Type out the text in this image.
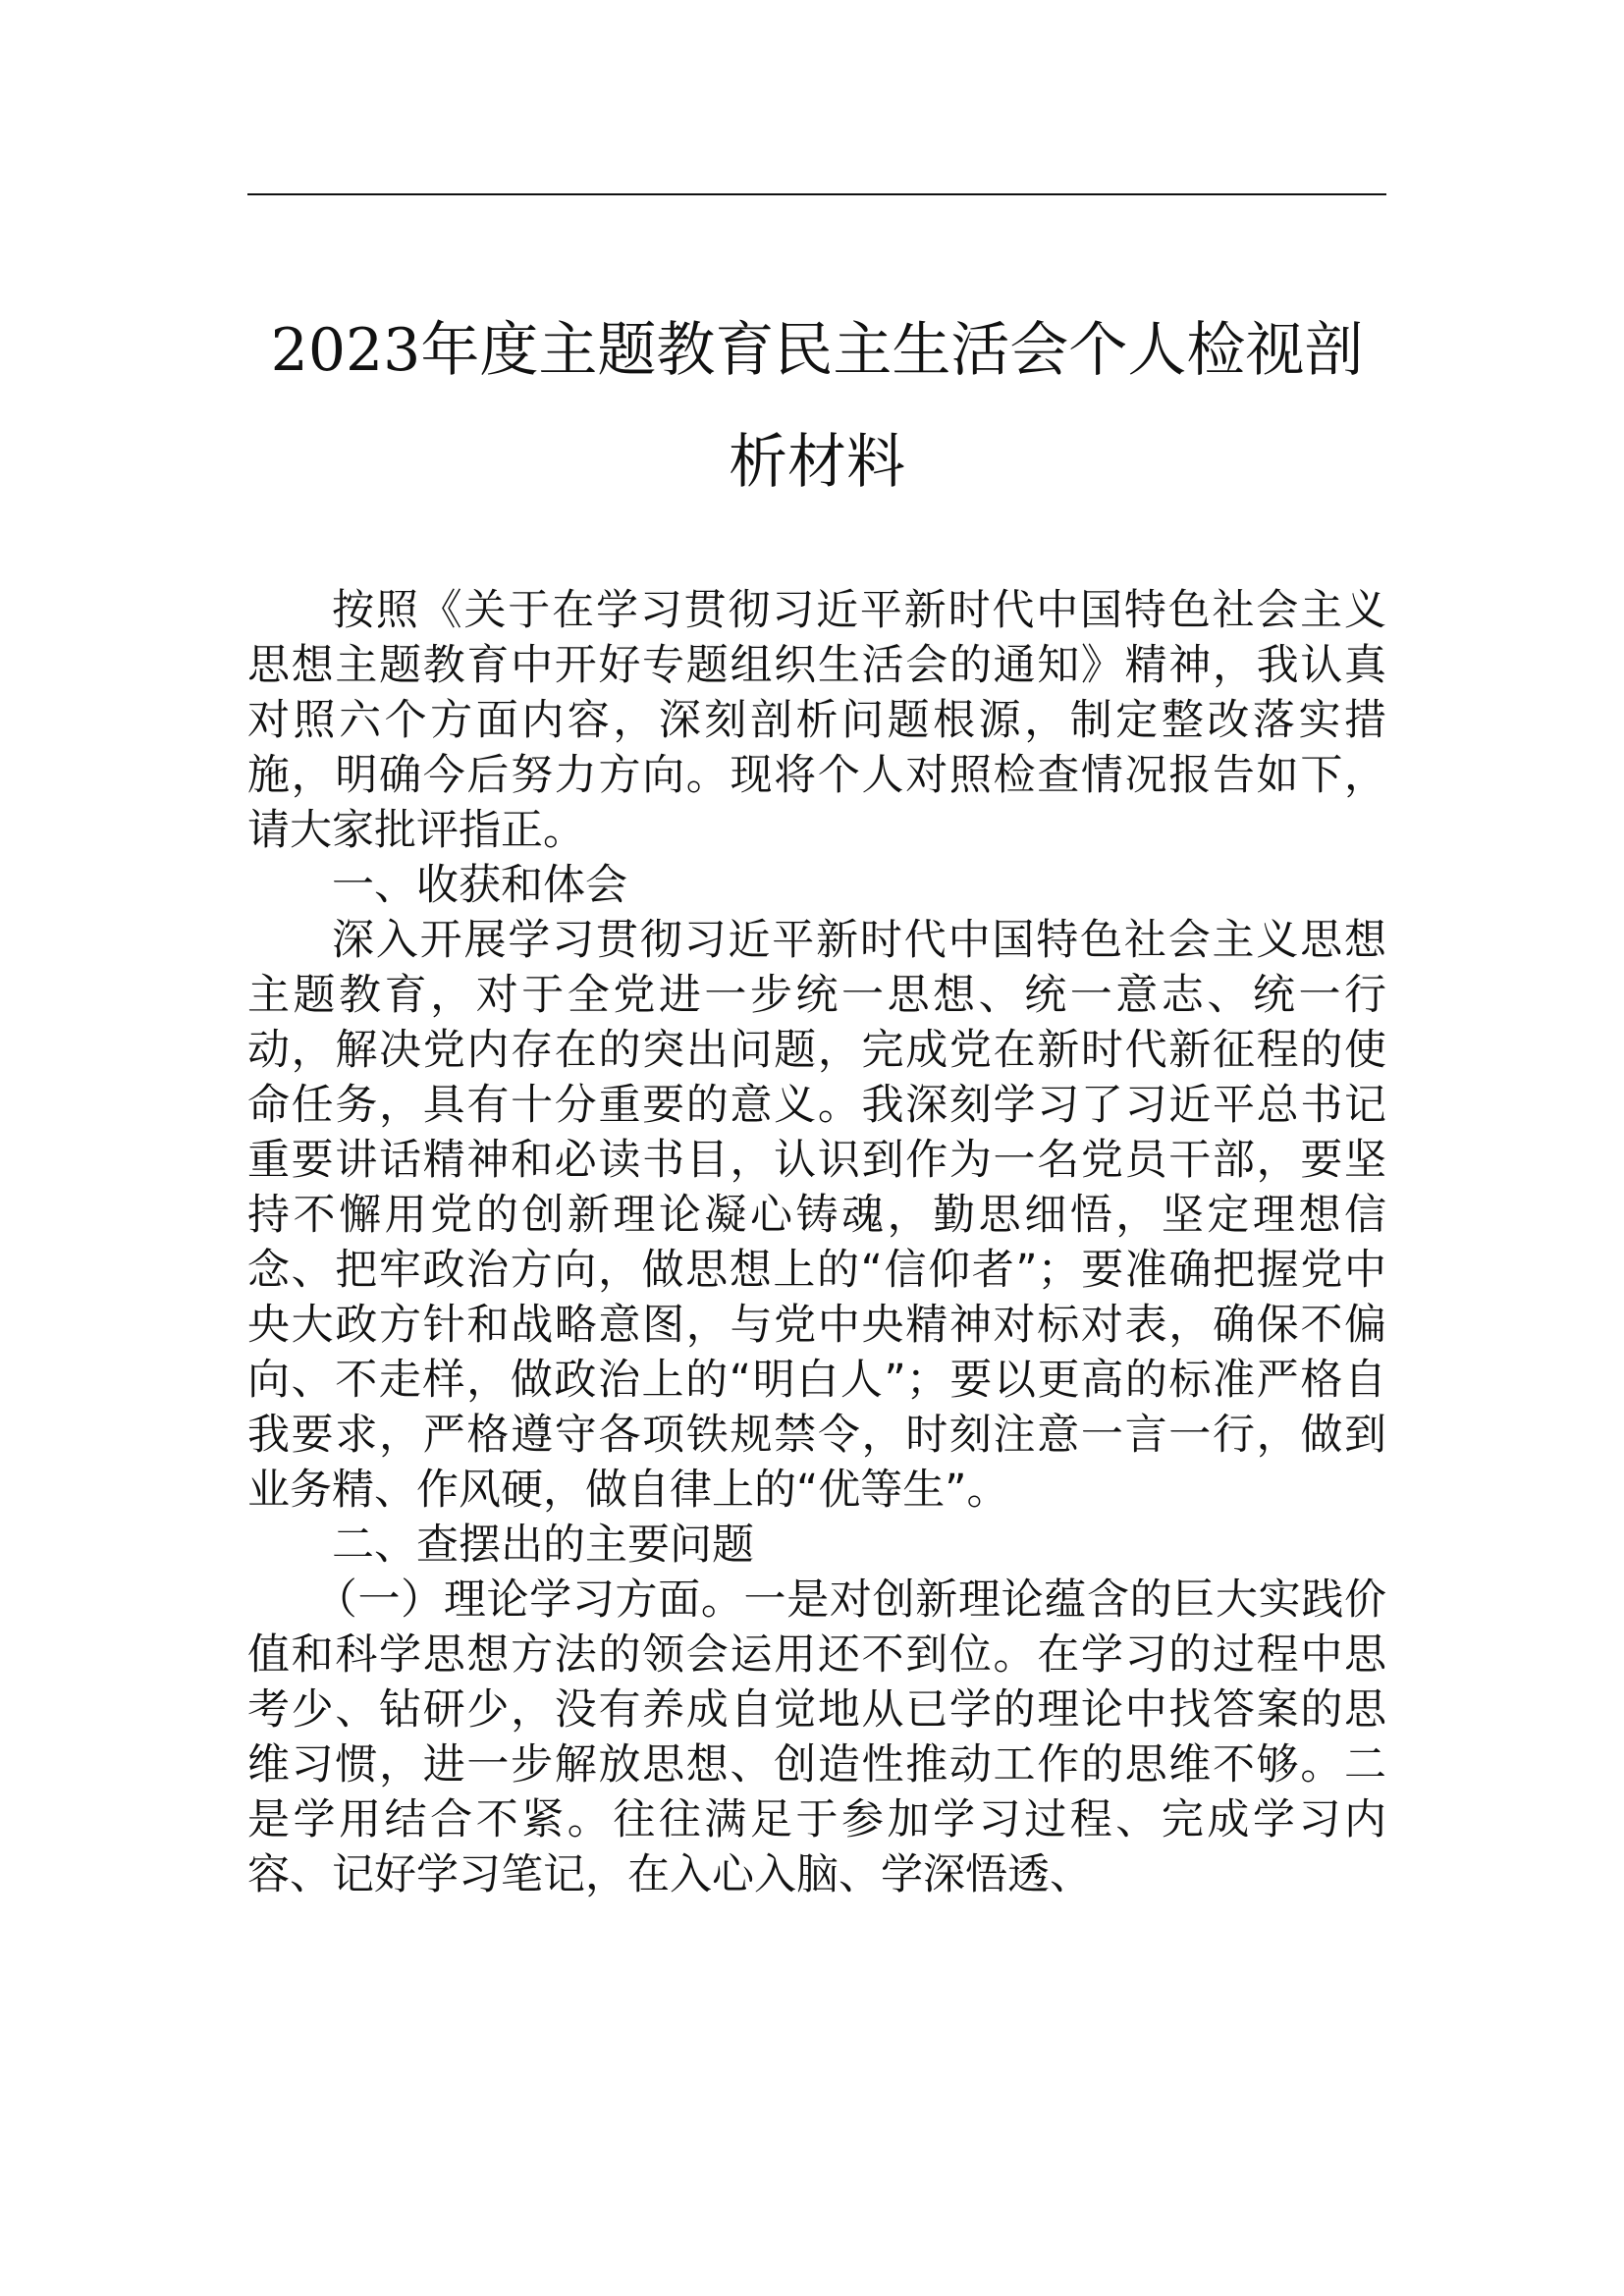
2023年度主题教育民主生活会个人检视剖
析材料

按照《关于在学习贯彻习近平新时代中国特色社会主义思想主题教育中开好专题组织生活会的通知》精神，我认真对照六个方面内容，深刻剖析问题根源，制定整改落实措施，明确今后努力方向。现将个人对照检查情况报告如下，请大家批评指正。

一、收获和体会

深入开展学习贯彻习近平新时代中国特色社会主义思想主题教育，对于全党进一步统一思想、统一意志、统一行动，解决党内存在的突出问题，完成党在新时代新征程的使命任务，具有十分重要的意义。我深刻学习了习近平总书记重要讲话精神和必读书目，认识到作为一名党员干部，要坚持不懈用党的创新理论凝心铸魂，勤思细悟，坚定理想信念、把牢政治方向，做思想上的“信仰者”；要准确把握党中央大政方针和战略意图，与党中央精神对标对表，确保不偏向、不走样，做政治上的“明白人”；要以更高的标准严格自我要求，严格遵守各项铁规禁令，时刻注意一言一行，做到业务精、作风硬，做自律上的“优等生”。

二、查摆出的主要问题

（一）理论学习方面。一是对创新理论蕴含的巨大实践价值和科学思想方法的领会运用还不到位。在学习的过程中思考少、钻研少，没有养成自觉地从已学的理论中找答案的思维习惯，进一步解放思想、创造性推动工作的思维不够。二是学用结合不紧。往往满足于参加学习过程、完成学习内容、记好学习笔记，在入心入脑、学深悟透、
